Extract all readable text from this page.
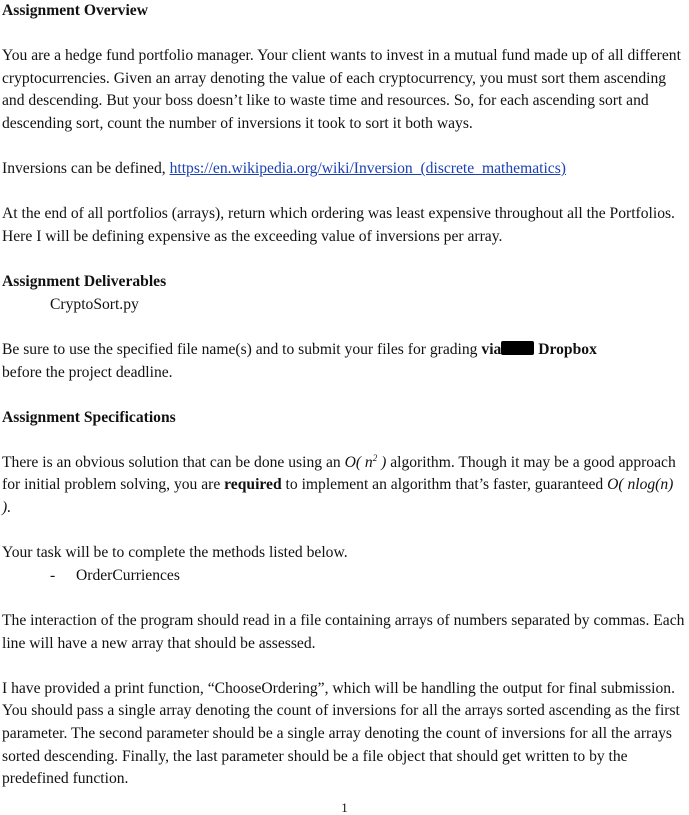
Assignment Overview

You are a hedge fund portfolio manager. Your client wants to invest in a mutual fund made up of all different cryptocurrencies. Given an array denoting the value of each cryptocurrency, you must sort them ascending and descending. But your boss doesn’t like to waste time and resources. So, for each ascending sort and descending sort, count the number of inversions it took to sort it both ways.

Inversions can be defined, https://en.wikipedia.org/wiki/Inversion_(discrete_mathematics)

At the end of all portfolios (arrays), return which ordering was least expensive throughout all the Portfolios. Here I will be defining expensive as the exceeding value of inversions per array.

Assignment Deliverables

CryptoSort.py

Be sure to use the specified file name(s) and to submit your files for grading via Dropbox
before the project deadline.

Assignment Specifications

There is an obvious solution that can be done using an O( $n^2$ ) algorithm. Though it may be a good approach for initial problem solving, you are required to implement an algorithm that’s faster, guaranteed O( nlog(n) ).

Your task will be to complete the methods listed below.

- OrderCurriences

The interaction of the program should read in a file containing arrays of numbers separated by commas. Each line will have a new array that should be assessed.

I have provided a print function, “ChooseOrdering”, which will be handling the output for final submission. You should pass a single array denoting the count of inversions for all the arrays sorted ascending as the first parameter. The second parameter should be a single array denoting the count of inversions for all the arrays sorted descending. Finally, the last parameter should be a file object that should get written to by the predefined function.

1
